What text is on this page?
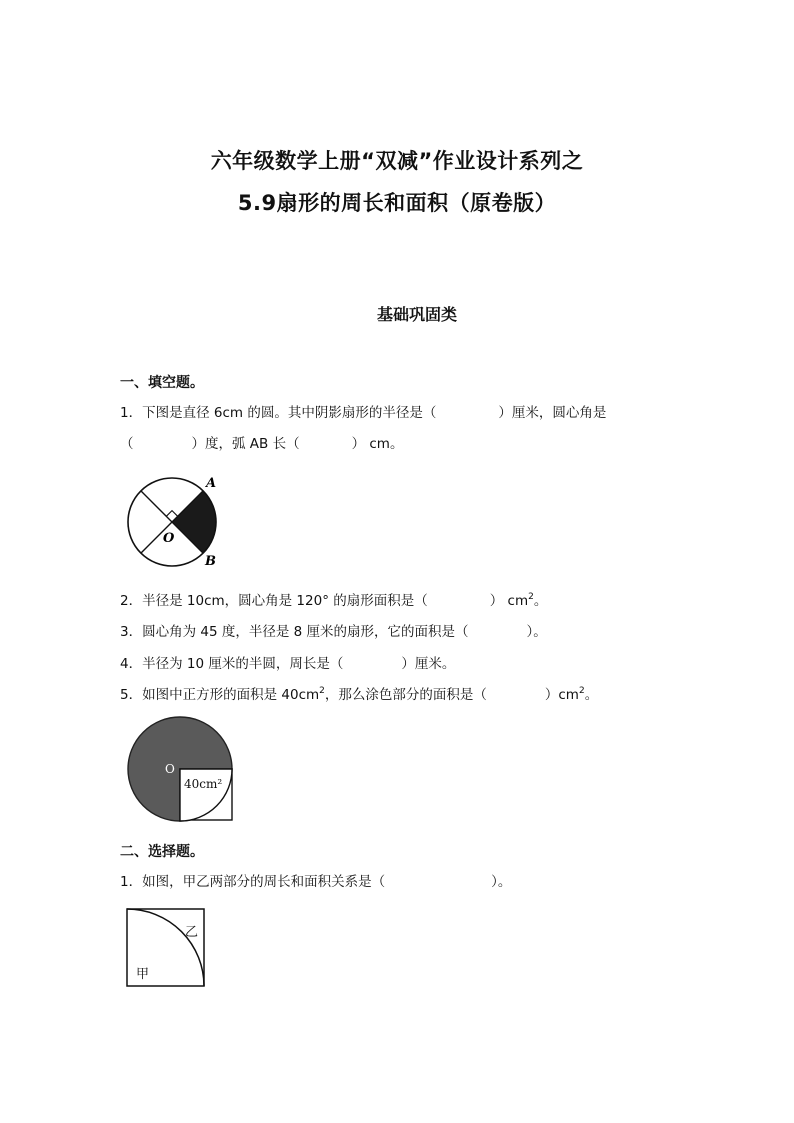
六年级数学上册“双减”作业设计系列之
5.9扇形的周长和面积（原卷版）
基础巩固类
一、填空题。
1．下图是直径 6cm 的圆。其中阴影扇形的半径是（	）厘米，圆心角是
（	）度，弧 AB 长（	） cm。
A
B
O
2．半径是 10cm，圆心角是 120° 的扇形面积是（	） $cm^2$。
3．圆心角为 45 度，半径是 8 厘米的扇形，它的面积是（	）。
4．半径为 10 厘米的半圆，周长是（	）厘米。
5．如图中正方形的面积是 $40cm^2$，那么涂色部分的面积是（	）$cm^2$。
O
40cm²
二、选择题。
1．如图，甲乙两部分的周长和面积关系是（	）。
甲
乙
